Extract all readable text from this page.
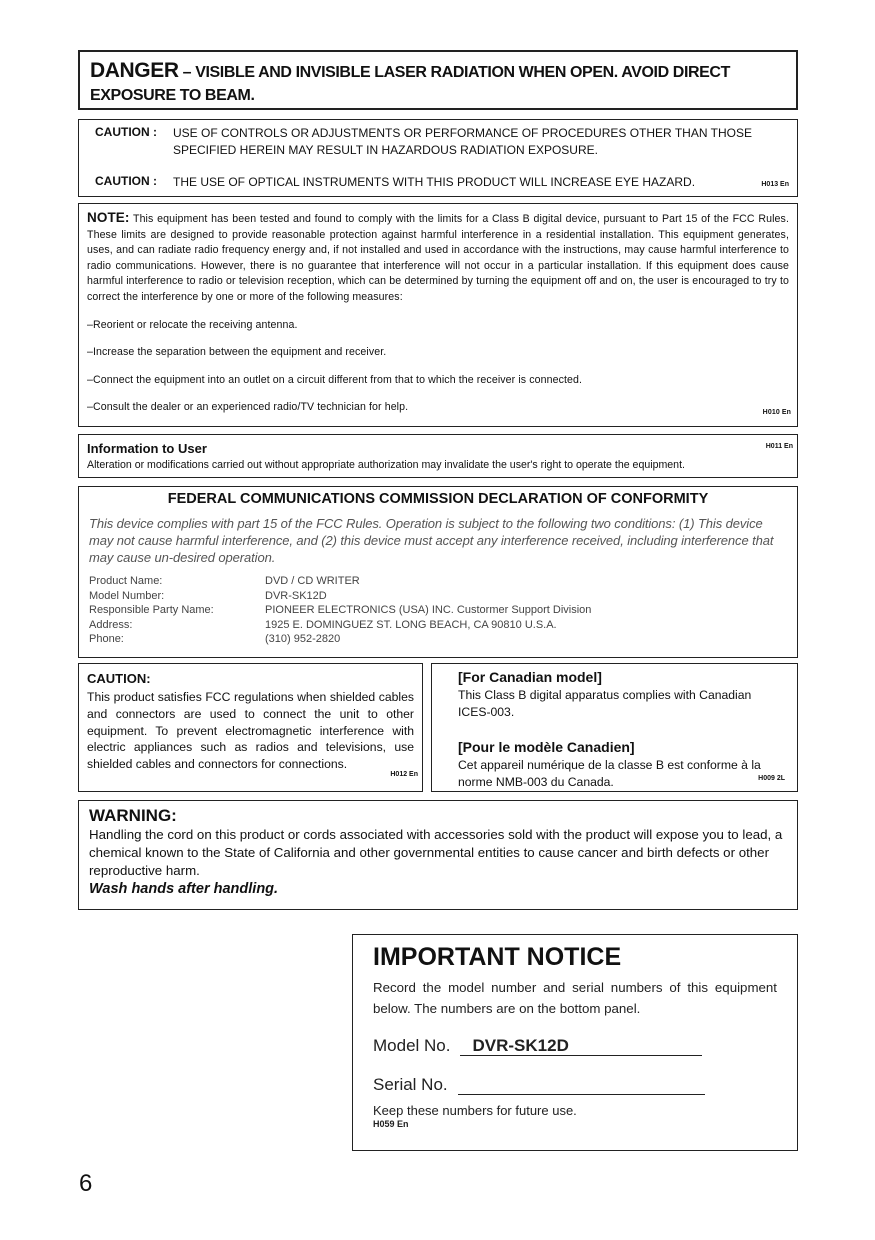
DANGER – VISIBLE AND INVISIBLE LASER RADIATION WHEN OPEN. AVOID DIRECT EXPOSURE TO BEAM.
CAUTION :	USE OF CONTROLS OR ADJUSTMENTS OR PERFORMANCE OF PROCEDURES OTHER THAN THOSE SPECIFIED HEREIN MAY RESULT IN HAZARDOUS RADIATION EXPOSURE.
CAUTION :	THE USE OF OPTICAL INSTRUMENTS WITH THIS PRODUCT WILL INCREASE EYE HAZARD.	H013 En
NOTE: This equipment has been tested and found to comply with the limits for a Class B digital device, pursuant to Part 15 of the FCC Rules. These limits are designed to provide reasonable protection against harmful interference in a residential installation. This equipment generates, uses, and can radiate radio frequency energy and, if not installed and used in accordance with the instructions, may cause harmful interference to radio communications. However, there is no guarantee that interference will not occur in a particular installation. If this equipment does cause harmful interference to radio or television reception, which can be determined by turning the equipment off and on, the user is encouraged to try to correct the interference by one or more of the following measures:
–Reorient or relocate the receiving antenna.
–Increase the separation between the equipment and receiver.
–Connect the equipment into an outlet on a circuit different from that to which the receiver is connected.
–Consult the dealer or an experienced radio/TV technician for help.	H010 En
Information to User
Alteration or modifications carried out without appropriate authorization may invalidate the user's right to operate the equipment.
H011 En
FEDERAL COMMUNICATIONS COMMISSION DECLARATION OF CONFORMITY
This device complies with part 15 of the FCC Rules. Operation is subject to the following two conditions: (1) This device may not cause harmful interference, and (2) this device must accept any interference received, including interference that may cause un-desired operation.
Product Name:	DVD / CD WRITER
Model Number:	DVR-SK12D
Responsible Party Name:	PIONEER ELECTRONICS (USA) INC. Custormer Support Division
Address:	1925 E. DOMINGUEZ ST. LONG BEACH, CA 90810 U.S.A.
Phone:	(310) 952-2820
CAUTION:
This product satisfies FCC regulations when shielded cables and connectors are used to connect the unit to other equipment. To prevent electromagnetic interference with electric appliances such as radios and televisions, use shielded cables and connectors for connections.
H012 En
[For Canadian model]
This Class B digital apparatus complies with Canadian ICES-003.
[Pour le modèle Canadien]
Cet appareil numérique de la classe B est conforme à la norme NMB-003 du Canada.	H009 2L
WARNING:
Handling the cord on this product or cords associated with accessories sold with the product will expose you to lead, a chemical known to the State of California and other governmental entities to cause cancer and birth defects or other reproductive harm.
Wash hands after handling.
IMPORTANT NOTICE
Record the model number and serial numbers of this equipment below. The numbers are on the bottom panel.
Model No.	DVR-SK12D
Serial No.
Keep these numbers for future use.
H059 En
6
